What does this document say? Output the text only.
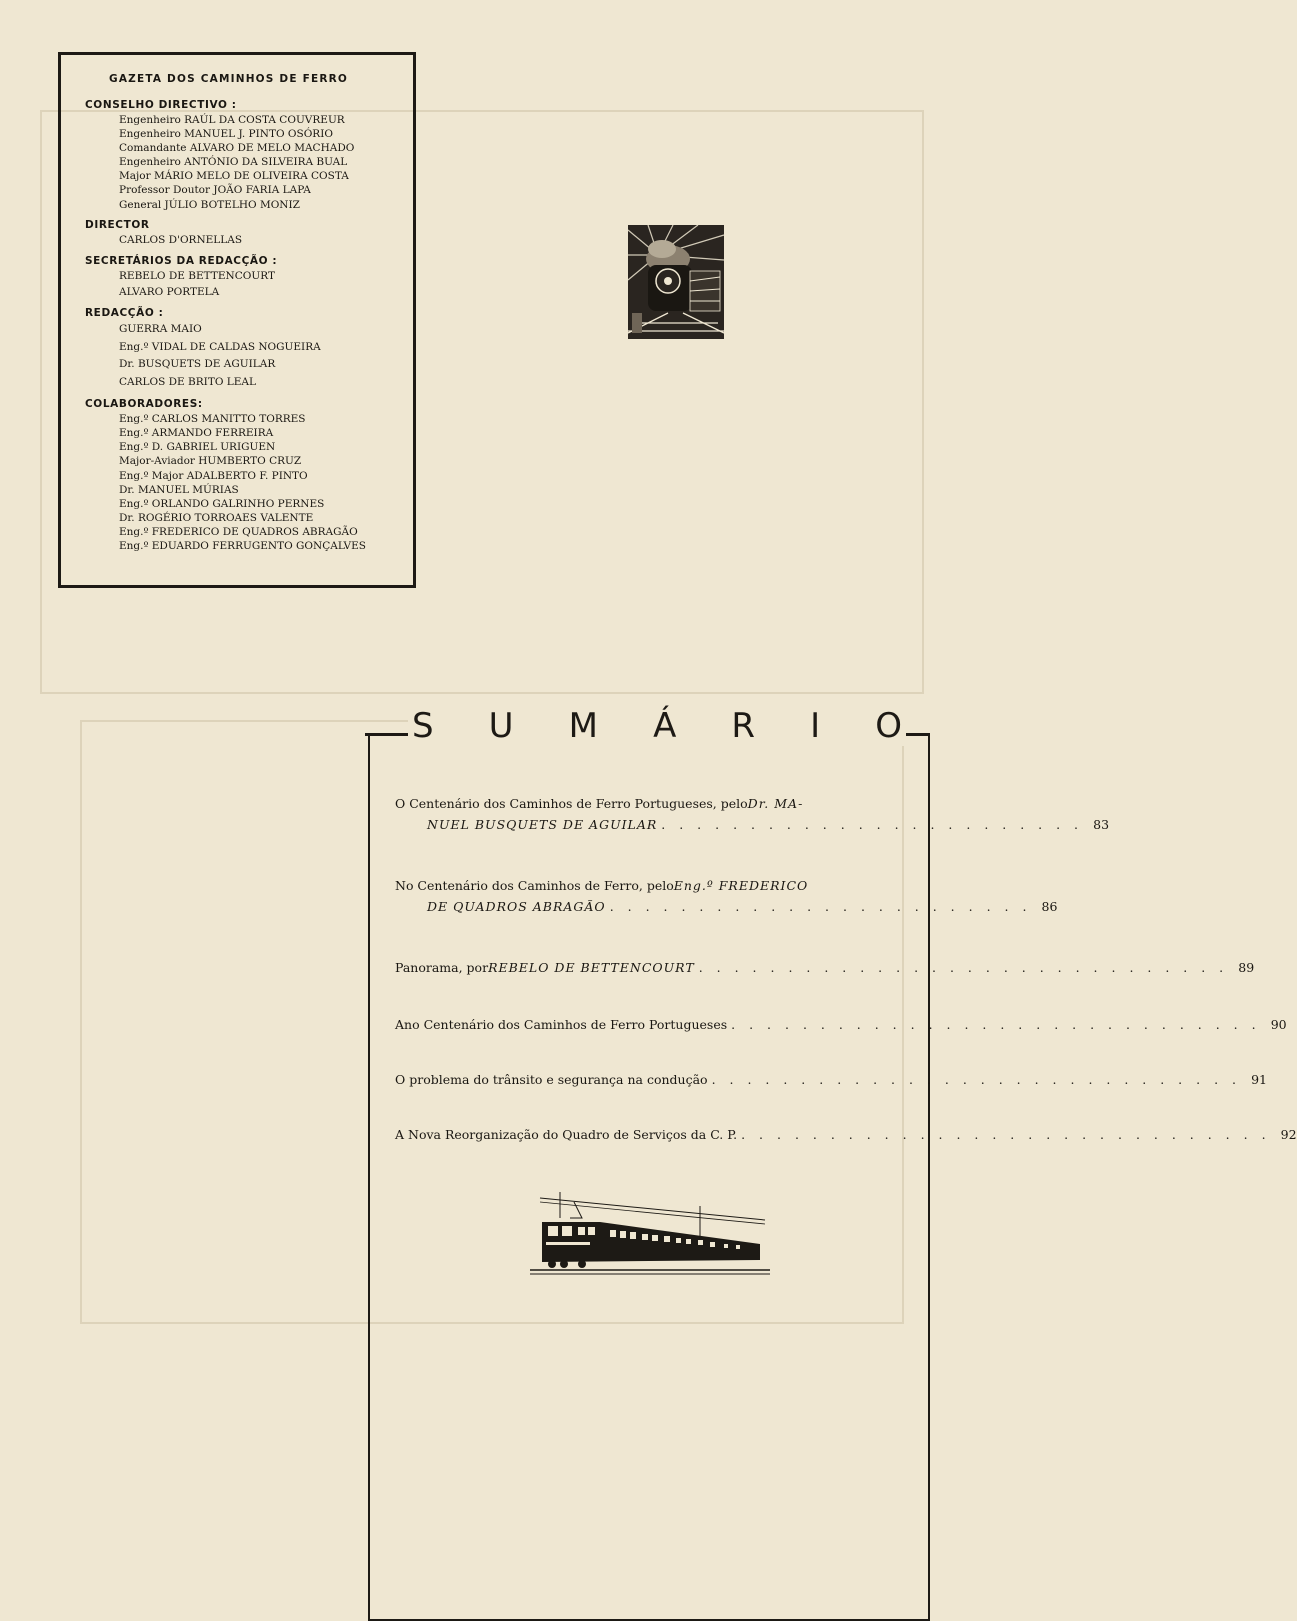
GAZETA DOS CAMINHOS DE FERRO
CONSELHO DIRECTIVO :
Engenheiro RAÚL DA COSTA COUVREUR
Engenheiro MANUEL J. PINTO OSÓRIO
Comandante ALVARO DE MELO MACHADO
Engenheiro ANTÓNIO DA SILVEIRA BUAL
Major MÁRIO MELO DE OLIVEIRA COSTA
Professor Doutor JOÃO FARIA LAPA
General JÚLIO BOTELHO MONIZ
DIRECTOR
CARLOS D'ORNELLAS
SECRETÁRIOS DA REDACÇÃO :
REBELO DE BETTENCOURT
ALVARO PORTELA
REDACÇÃO :
GUERRA MAIO
Eng.º VIDAL DE CALDAS NOGUEIRA
Dr. BUSQUETS DE AGUILAR
CARLOS DE BRITO LEAL
COLABORADORES:
Eng.º CARLOS MANITTO TORRES
Eng.º ARMANDO FERREIRA
Eng.º D. GABRIEL URIGUEN
Major-Aviador HUMBERTO CRUZ
Eng.º Major ADALBERTO F. PINTO
Dr. MANUEL MÚRIAS
Eng.º ORLANDO GALRINHO PERNES
Dr. ROGÉRIO TORROAES VALENTE
Eng.º FREDERICO DE QUADROS ABRAGÃO
Eng.º EDUARDO FERRUGENTO GONÇALVES
S U M Á R I O
O Centenário dos Caminhos de Ferro Portugueses, pelo Dr. MA-
NUEL BUSQUETS DE AGUILAR . . . . . . . . . . . . . . . . . . . . . . . . 83
No Centenário dos Caminhos de Ferro, pelo Eng.º FREDERICO
DE QUADROS ABRAGÃO . . . . . . . . . . . . . . . . . . . . . . . . 86
Panorama, por REBELO DE BETTENCOURT . . . . . . . . . . . . . . . . . . . . . . . . . . . . . . 89
Ano Centenário dos Caminhos de Ferro Portugueses . . . . . . . . . . . . . . . . . . . . . . . . . . . . . . 90
O problema do trânsito e segurança na condução . . . . . . . . . . . . . . . . . . . . . . . . . . . . . . 91
A Nova Reorganização do Quadro de Serviços da C. P. . . . . . . . . . . . . . . . . . . . . . . . . . . . . . . 92
